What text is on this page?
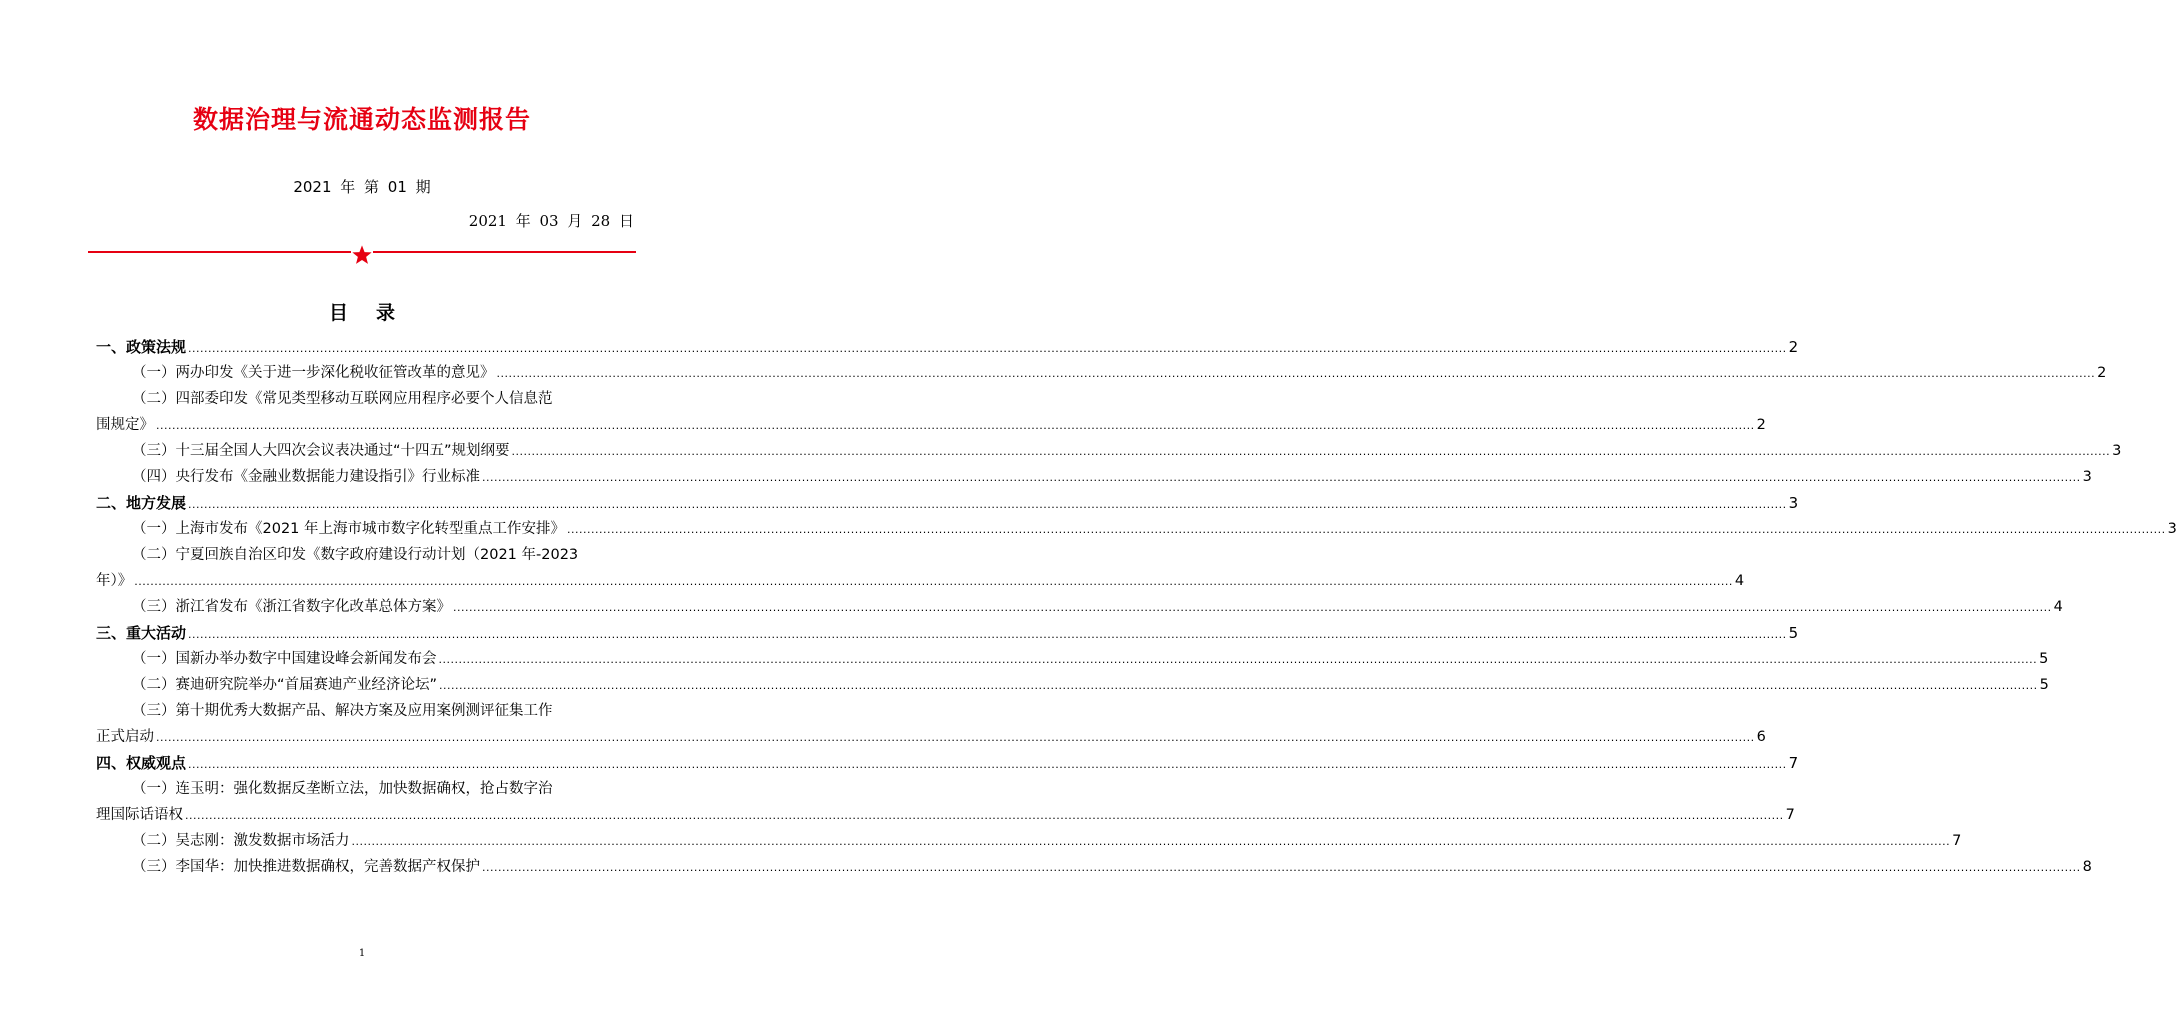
数据治理与流通动态监测报告
2021 年 第 01 期
2021 年 03 月 28 日
目录
一、政策法规 ................................................................................................................................................................................................................................................................................................................................................................................................................ 2
（一）两办印发《关于进一步深化税收征管改革的意见》 ................................................................................................................................................................................................................................................................................................................................................................................................................ 2
（二）四部委印发《常见类型移动互联网应用程序必要个人信息范
围规定》 ................................................................................................................................................................................................................................................................................................................................................................................................................ 2
（三）十三届全国人大四次会议表决通过“十四五”规划纲要 ................................................................................................................................................................................................................................................................................................................................................................................................................ 3
（四）央行发布《金融业数据能力建设指引》行业标准 ................................................................................................................................................................................................................................................................................................................................................................................................................ 3
二、地方发展 ................................................................................................................................................................................................................................................................................................................................................................................................................ 3
（一）上海市发布《2021 年上海市城市数字化转型重点工作安排》 ................................................................................................................................................................................................................................................................................................................................................................................................................ 3
（二）宁夏回族自治区印发《数字政府建设行动计划（2021 年-2023
年）》 ................................................................................................................................................................................................................................................................................................................................................................................................................ 4
（三）浙江省发布《浙江省数字化改革总体方案》 ................................................................................................................................................................................................................................................................................................................................................................................................................ 4
三、重大活动 ................................................................................................................................................................................................................................................................................................................................................................................................................ 5
（一）国新办举办数字中国建设峰会新闻发布会 ................................................................................................................................................................................................................................................................................................................................................................................................................ 5
（二）赛迪研究院举办“首届赛迪产业经济论坛” ................................................................................................................................................................................................................................................................................................................................................................................................................ 5
（三）第十期优秀大数据产品、解决方案及应用案例测评征集工作
正式启动 ................................................................................................................................................................................................................................................................................................................................................................................................................ 6
四、权威观点 ................................................................................................................................................................................................................................................................................................................................................................................................................ 7
（一）连玉明：强化数据反垄断立法，加快数据确权，抢占数字治
理国际话语权 ................................................................................................................................................................................................................................................................................................................................................................................................................ 7
（二）吴志刚：激发数据市场活力 ................................................................................................................................................................................................................................................................................................................................................................................................................ 7
（三）李国华：加快推进数据确权，完善数据产权保护 ................................................................................................................................................................................................................................................................................................................................................................................................................ 8
1
